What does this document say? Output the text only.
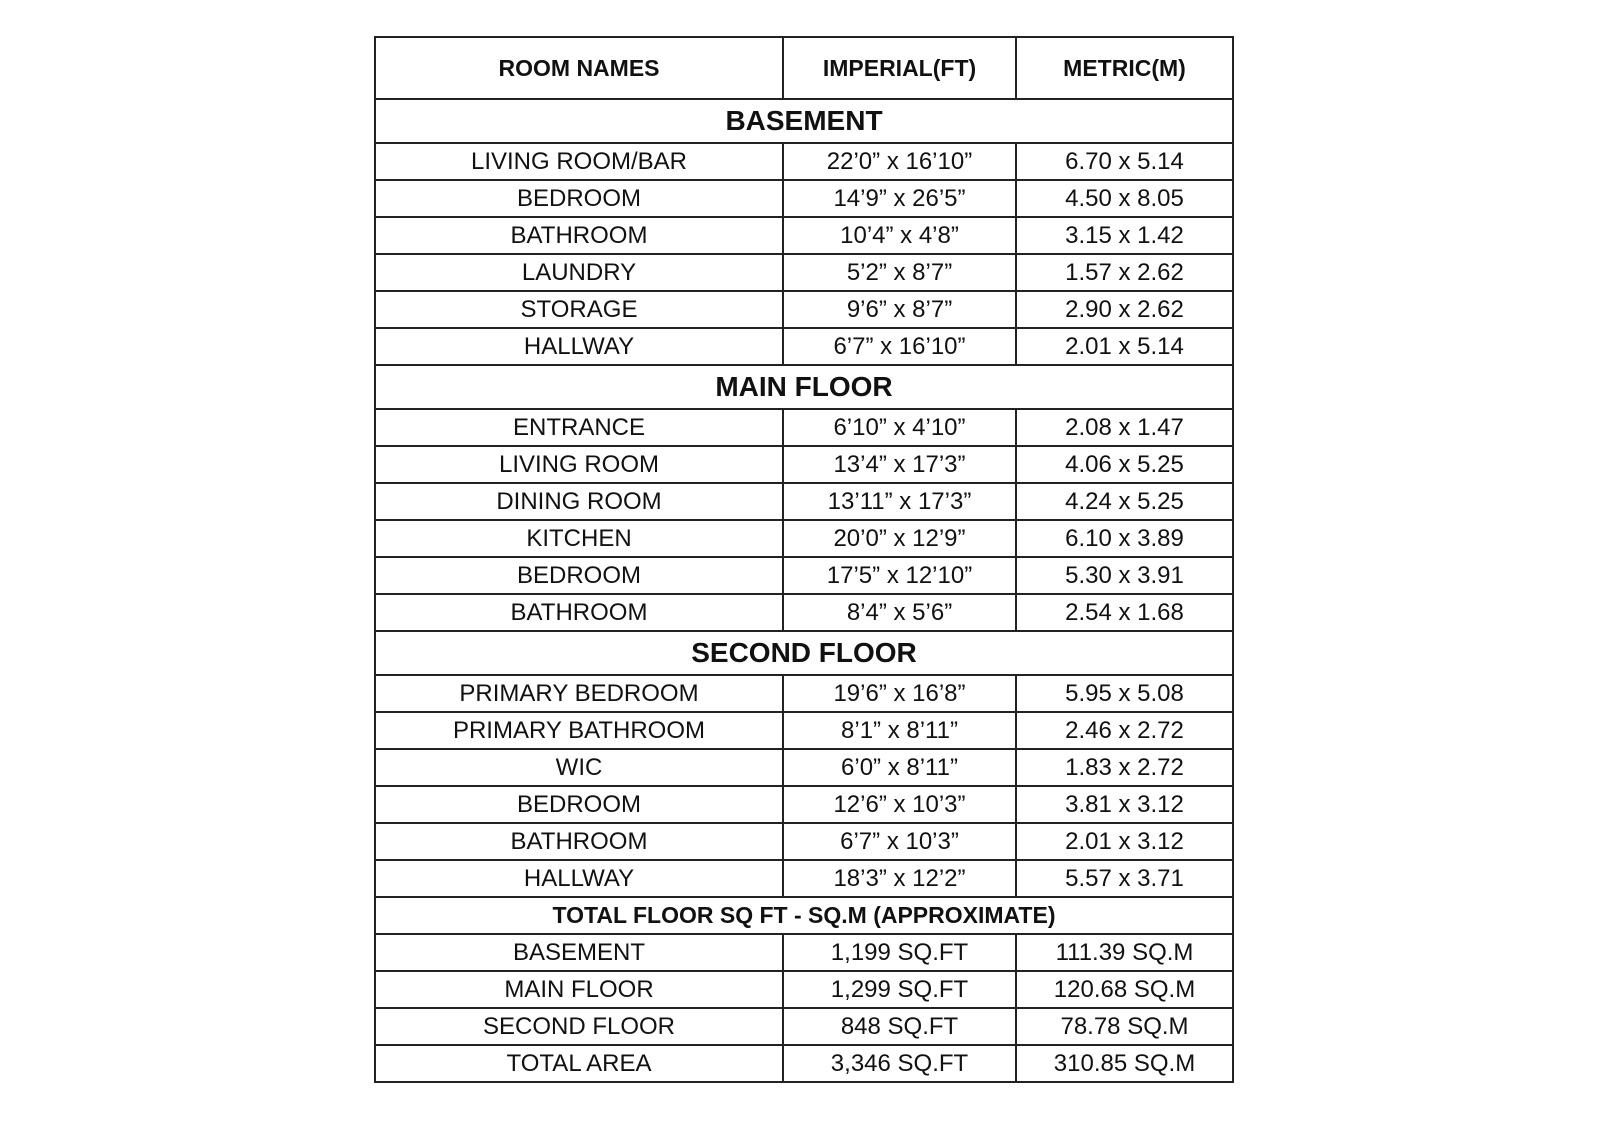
ROOM NAMES	IMPERIAL(FT)	METRIC(M)
BASEMENT		
LIVING ROOM/BAR	22’0” x 16’10”	6.70 x 5.14
BEDROOM	14’9” x 26’5”	4.50 x 8.05
BATHROOM	10’4” x 4’8”	3.15 x 1.42
LAUNDRY	5’2” x 8’7”	1.57 x 2.62
STORAGE	9’6” x 8’7”	2.90 x 2.62
HALLWAY	6’7” x 16’10”	2.01 x 5.14
MAIN FLOOR		
ENTRANCE	6’10” x 4’10”	2.08 x 1.47
LIVING ROOM	13’4” x 17’3”	4.06 x 5.25
DINING ROOM	13’11” x 17’3”	4.24 x 5.25
KITCHEN	20’0” x 12’9”	6.10 x 3.89
BEDROOM	17’5” x 12’10”	5.30 x 3.91
BATHROOM	8’4” x 5’6”	2.54 x 1.68
SECOND FLOOR		
PRIMARY BEDROOM	19’6” x 16’8”	5.95 x 5.08
PRIMARY BATHROOM	8’1” x 8’11”	2.46 x 2.72
WIC	6’0” x 8’11”	1.83 x 2.72
BEDROOM	12’6” x 10’3”	3.81 x 3.12
BATHROOM	6’7” x 10’3”	2.01 x 3.12
HALLWAY	18’3” x 12’2”	5.57 x 3.71
TOTAL FLOOR SQ FT - SQ.M (APPROXIMATE)		
BASEMENT	1,199 SQ.FT	111.39 SQ.M
MAIN FLOOR	1,299 SQ.FT	120.68 SQ.M
SECOND FLOOR	848 SQ.FT	78.78 SQ.M
TOTAL AREA	3,346 SQ.FT	310.85 SQ.M
